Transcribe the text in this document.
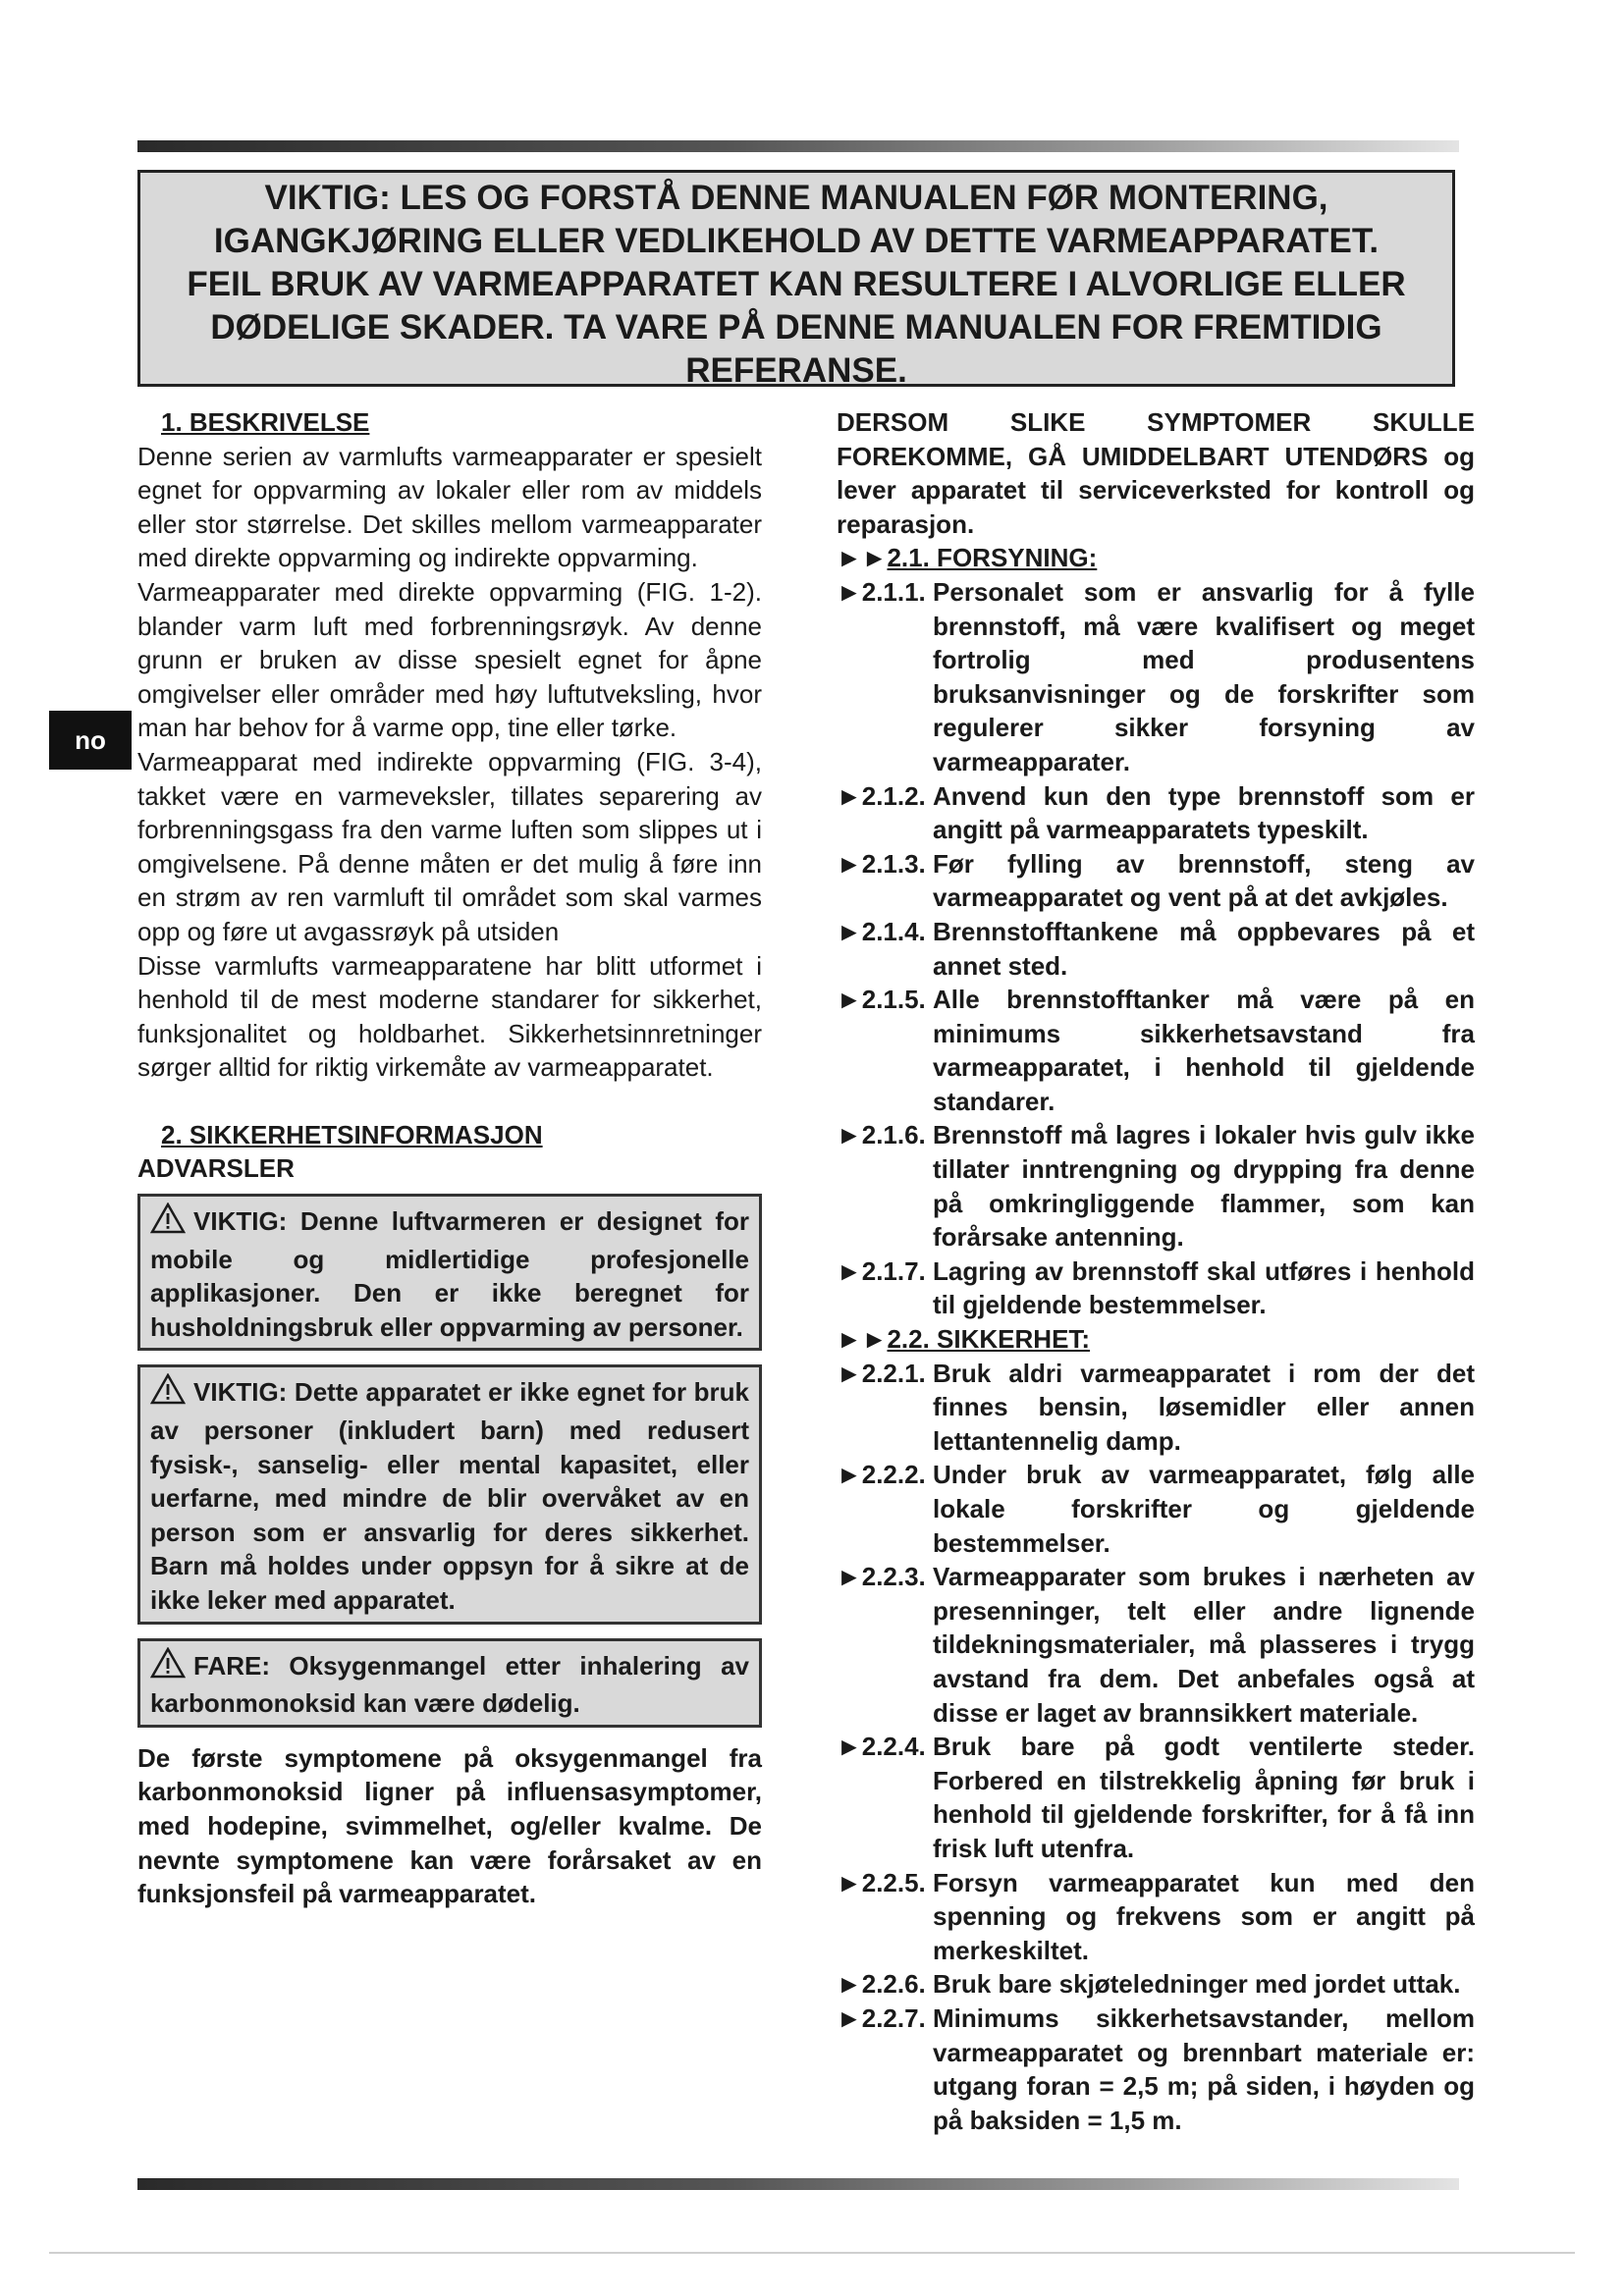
VIKTIG: LES OG FORSTÅ DENNE MANUALEN FØR MONTERING,
IGANGKJØRING ELLER VEDLIKEHOLD AV DETTE VARMEAPPARATET.
FEIL BRUK AV VARMEAPPARATET KAN RESULTERE I ALVORLIGE ELLER
DØDELIGE SKADER. TA VARE PÅ DENNE MANUALEN FOR FREMTIDIG
REFERANSE.
no
1. BESKRIVELSE

Denne serien av varmlufts varmeapparater er spesielt egnet for oppvarming av lokaler eller rom av middels eller stor størrelse. Det skilles mellom varmeapparater med direkte oppvarming og indirekte oppvarming.

Varmeapparater med direkte oppvarming (FIG. 1-2). blander varm luft med forbrenningsrøyk. Av denne grunn er bruken av disse spesielt egnet for åpne omgivelser eller områder med høy luftutveksling, hvor man har behov for å varme opp, tine eller tørke.

Varmeapparat med indirekte oppvarming (FIG. 3-4), takket være en varmeveksler, tillates separering av forbrenningsgass fra den varme luften som slippes ut i omgivelsene. På denne måten er det mulig å føre inn en strøm av ren varmluft til området som skal varmes opp og føre ut avgassrøyk på utsiden

Disse varmlufts varmeapparatene har blitt utformet i henhold til de mest moderne standarer for sikkerhet, funksjonalitet og holdbarhet. Sikkerhetsinnretninger sørger alltid for riktig virkemåte av varmeapparatet.

2. SIKKERHETSINFORMASJON
ADVARSLER
VIKTIG: Denne luftvarmeren er designet for mobile og midlertidige profesjonelle applikasjoner. Den er ikke beregnet for husholdningsbruk eller oppvarming av personer.
VIKTIG: Dette apparatet er ikke egnet for bruk av personer (inkludert barn) med redusert fysisk-, sanselig- eller mental kapasitet, eller uerfarne, med mindre de blir overvåket av en person som er ansvarlig for deres sikkerhet. Barn må holdes under oppsyn for å sikre at de ikke leker med apparatet.
FARE: Oksygenmangel etter inhalering av karbonmonoksid kan være dødelig.

De første symptomene på oksygenmangel fra karbonmonoksid ligner på influensasymptomer, med hodepine, svimmelhet, og/eller kvalme. De nevnte symptomene kan være forårsaket av en funksjonsfeil på varmeapparatet.

DERSOM SLIKE SYMPTOMER SKULLE FOREKOMME, GÅ UMIDDELBART UTENDØRS og lever apparatet til serviceverksted for kontroll og reparasjon.

►►2.1. FORSYNING:
►2.1.1. Personalet som er ansvarlig for å fylle brennstoff, må være kvalifisert og meget fortrolig med produsentens bruksanvisninger og de forskrifter som regulerer sikker forsyning av varmeapparater.
►2.1.2. Anvend kun den type brennstoff som er angitt på varmeapparatets typeskilt.
►2.1.3. Før fylling av brennstoff, steng av varmeapparatet og vent på at det avkjøles.
►2.1.4. Brennstofftankene må oppbevares på et annet sted.
►2.1.5. Alle brennstofftanker må være på en minimums sikkerhetsavstand fra varmeapparatet, i henhold til gjeldende standarer.
►2.1.6. Brennstoff må lagres i lokaler hvis gulv ikke tillater inntrengning og drypping fra denne på omkringliggende flammer, som kan forårsake antenning.
►2.1.7. Lagring av brennstoff skal utføres i henhold til gjeldende bestemmelser.
►►2.2. SIKKERHET:
►2.2.1. Bruk aldri varmeapparatet i rom der det finnes bensin, løsemidler eller annen lettantennelig damp.
►2.2.2. Under bruk av varmeapparatet, følg alle lokale forskrifter og gjeldende bestemmelser.
►2.2.3. Varmeapparater som brukes i nærheten av presenninger, telt eller andre lignende tildekningsmaterialer, må plasseres i trygg avstand fra dem. Det anbefales også at disse er laget av brannsikkert materiale.
►2.2.4. Bruk bare på godt ventilerte steder. Forbered en tilstrekkelig åpning før bruk i henhold til gjeldende forskrifter, for å få inn frisk luft utenfra.
►2.2.5. Forsyn varmeapparatet kun med den spenning og frekvens som er angitt på merkeskiltet.
►2.2.6. Bruk bare skjøteledninger med jordet uttak.
►2.2.7. Minimums sikkerhetsavstander, mellom varmeapparatet og brennbart materiale er: utgang foran = 2,5 m; på siden, i høyden og på baksiden = 1,5 m.
